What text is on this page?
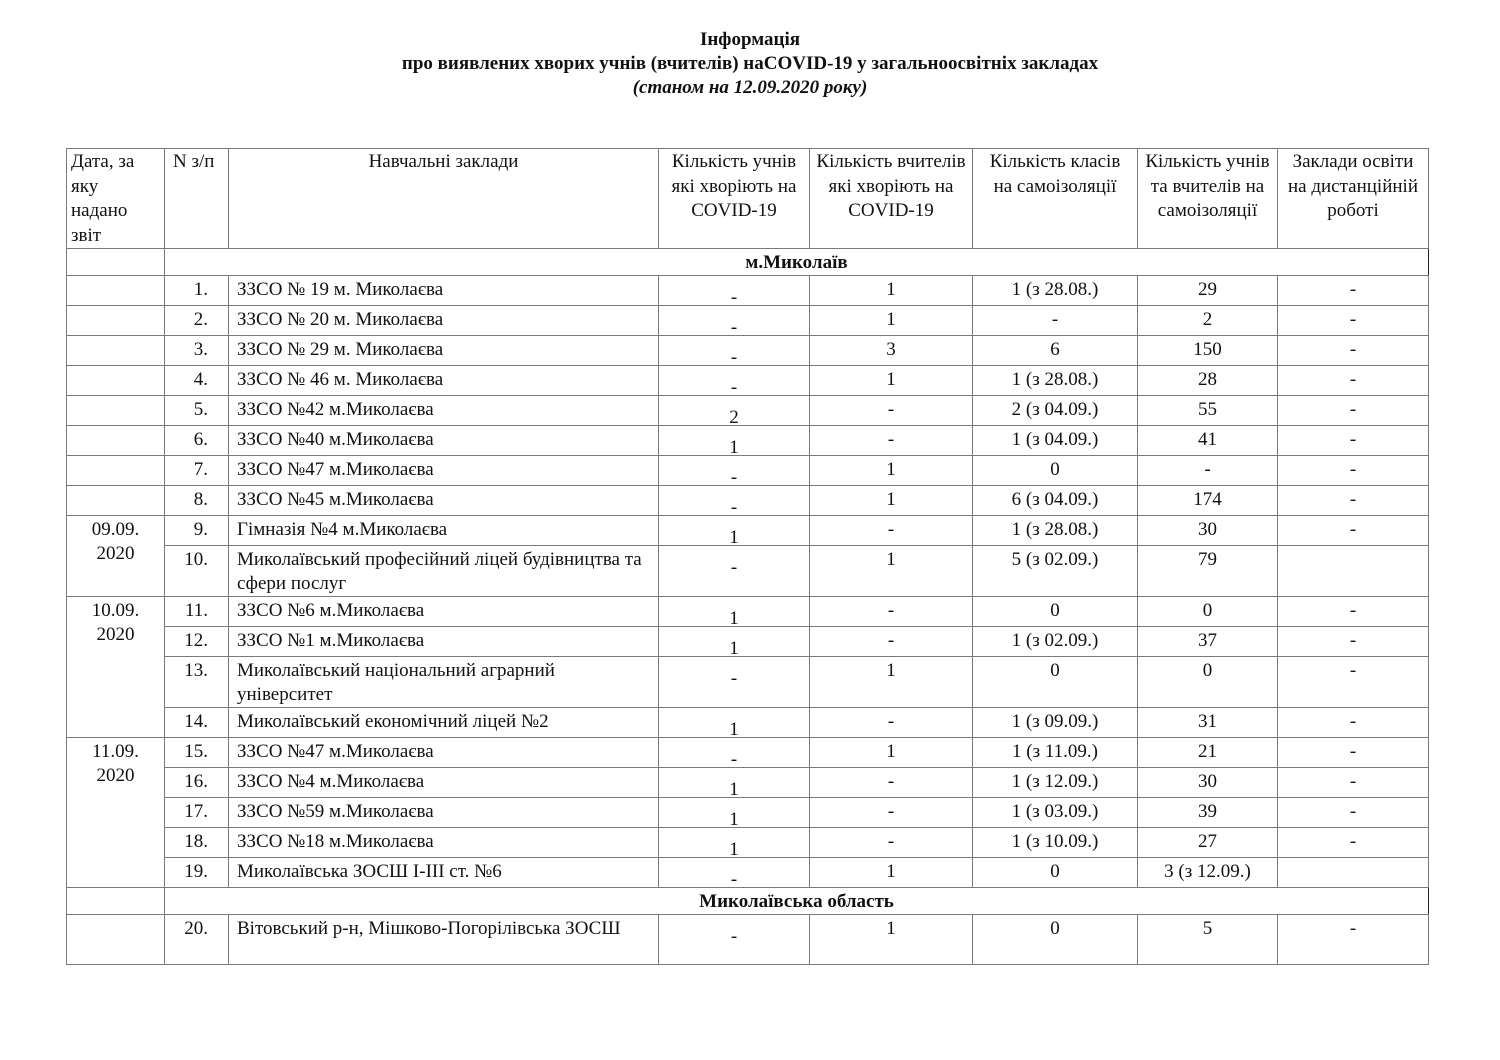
Інформація
про виявлених хворих учнів (вчителів) наCOVID-19 у загальноосвітніх закладах
(станом на 12.09.2020 року)
Дата, за яку надано звіт	N з/п	Навчальні заклади	Кількість учнів які хворіють на COVID-19	Кількість вчителів які хворіють на COVID-19	Кількість класів на самоізоляції	Кількість учнів та вчителів на самоізоляції	Заклади освіти на дистанційній роботі
	м.Миколаїв						
	1.	ЗЗСО № 19 м. Миколаєва	-	1	1 (з 28.08.)	29	-
	2.	ЗЗСО № 20 м. Миколаєва	-	1	-	2	-
	3.	ЗЗСО № 29 м. Миколаєва	-	3	6	150	-
	4.	ЗЗСО № 46 м. Миколаєва	-	1	1 (з 28.08.)	28	-
	5.	ЗЗСО №42 м.Миколаєва	2	-	2 (з 04.09.)	55	-
	6.	ЗЗСО №40 м.Миколаєва	1	-	1 (з 04.09.)	41	-
	7.	ЗЗСО №47 м.Миколаєва	-	1	0	-	-
	8.	ЗЗСО №45 м.Миколаєва	-	1	6 (з 04.09.)	174	-
09.09. 2020	9.	Гімназія №4 м.Миколаєва	1	-	1 (з 28.08.)	30	-
	10.	Миколаївський професійний ліцей будівництва та сфери послуг	-	1	5 (з 02.09.)	79	
10.09. 2020	11.	ЗЗСО №6 м.Миколаєва	1	-	0	0	-
	12.	ЗЗСО №1 м.Миколаєва	1	-	1 (з 02.09.)	37	-
	13.	Миколаївський національний аграрний університет	-	1	0	0	-
	14.	Миколаївський економічний ліцей №2	1	-	1 (з 09.09.)	31	-
11.09. 2020	15.	ЗЗСО №47 м.Миколаєва	-	1	1 (з 11.09.)	21	-
	16.	ЗЗСО №4 м.Миколаєва	1	-	1 (з 12.09.)	30	-
	17.	ЗЗСО №59 м.Миколаєва	1	-	1 (з 03.09.)	39	-
	18.	ЗЗСО №18 м.Миколаєва	1	-	1 (з 10.09.)	27	-
	19.	Миколаївська ЗОСШ І-ІІІ ст. №6	-	1	0	3 (з 12.09.)	
	Миколаївська область						
	20.	Вітовський р-н, Мішково-Погорілівська ЗОСШ	-	1	0	5	-
